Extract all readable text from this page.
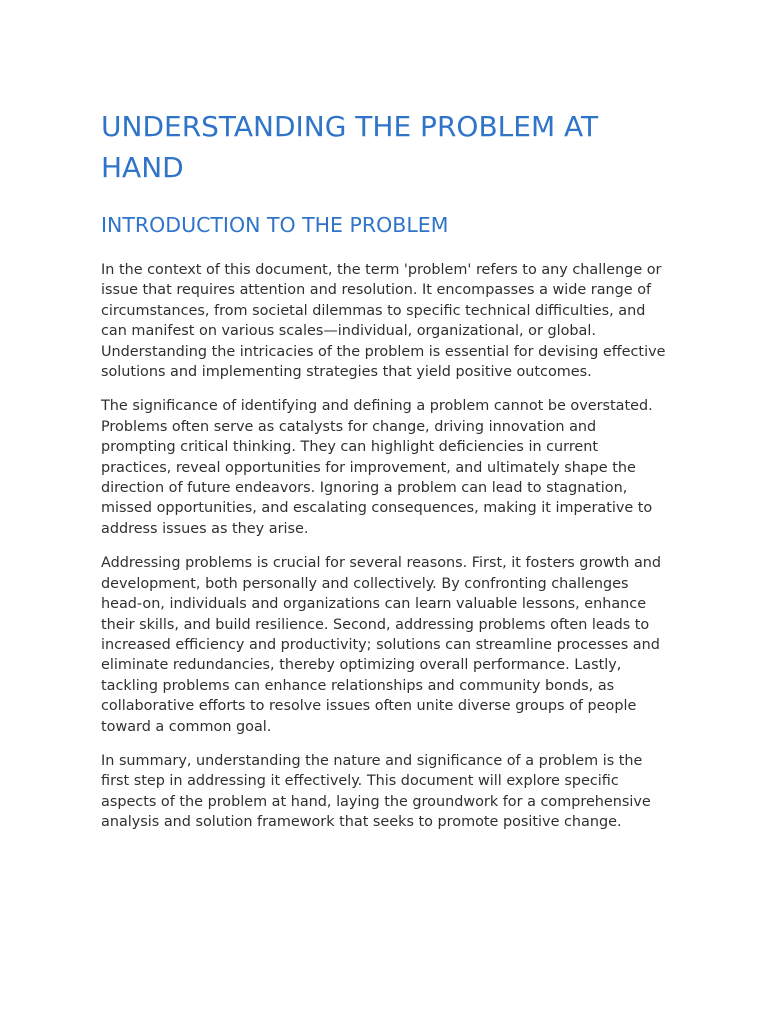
UNDERSTANDING THE PROBLEM AT HAND
INTRODUCTION TO THE PROBLEM

In the context of this document, the term 'problem' refers to any challenge or issue that requires attention and resolution. It encompasses a wide range of circumstances, from societal dilemmas to specific technical difficulties, and can manifest on various scales—individual, organizational, or global. Understanding the intricacies of the problem is essential for devising effective solutions and implementing strategies that yield positive outcomes.

The significance of identifying and defining a problem cannot be overstated. Problems often serve as catalysts for change, driving innovation and prompting critical thinking. They can highlight deficiencies in current practices, reveal opportunities for improvement, and ultimately shape the direction of future endeavors. Ignoring a problem can lead to stagnation, missed opportunities, and escalating consequences, making it imperative to address issues as they arise.

Addressing problems is crucial for several reasons. First, it fosters growth and development, both personally and collectively. By confronting challenges head-on, individuals and organizations can learn valuable lessons, enhance their skills, and build resilience. Second, addressing problems often leads to increased efficiency and productivity; solutions can streamline processes and eliminate redundancies, thereby optimizing overall performance. Lastly, tackling problems can enhance relationships and community bonds, as collaborative efforts to resolve issues often unite diverse groups of people toward a common goal.

In summary, understanding the nature and significance of a problem is the first step in addressing it effectively. This document will explore specific aspects of the problem at hand, laying the groundwork for a comprehensive analysis and solution framework that seeks to promote positive change.
